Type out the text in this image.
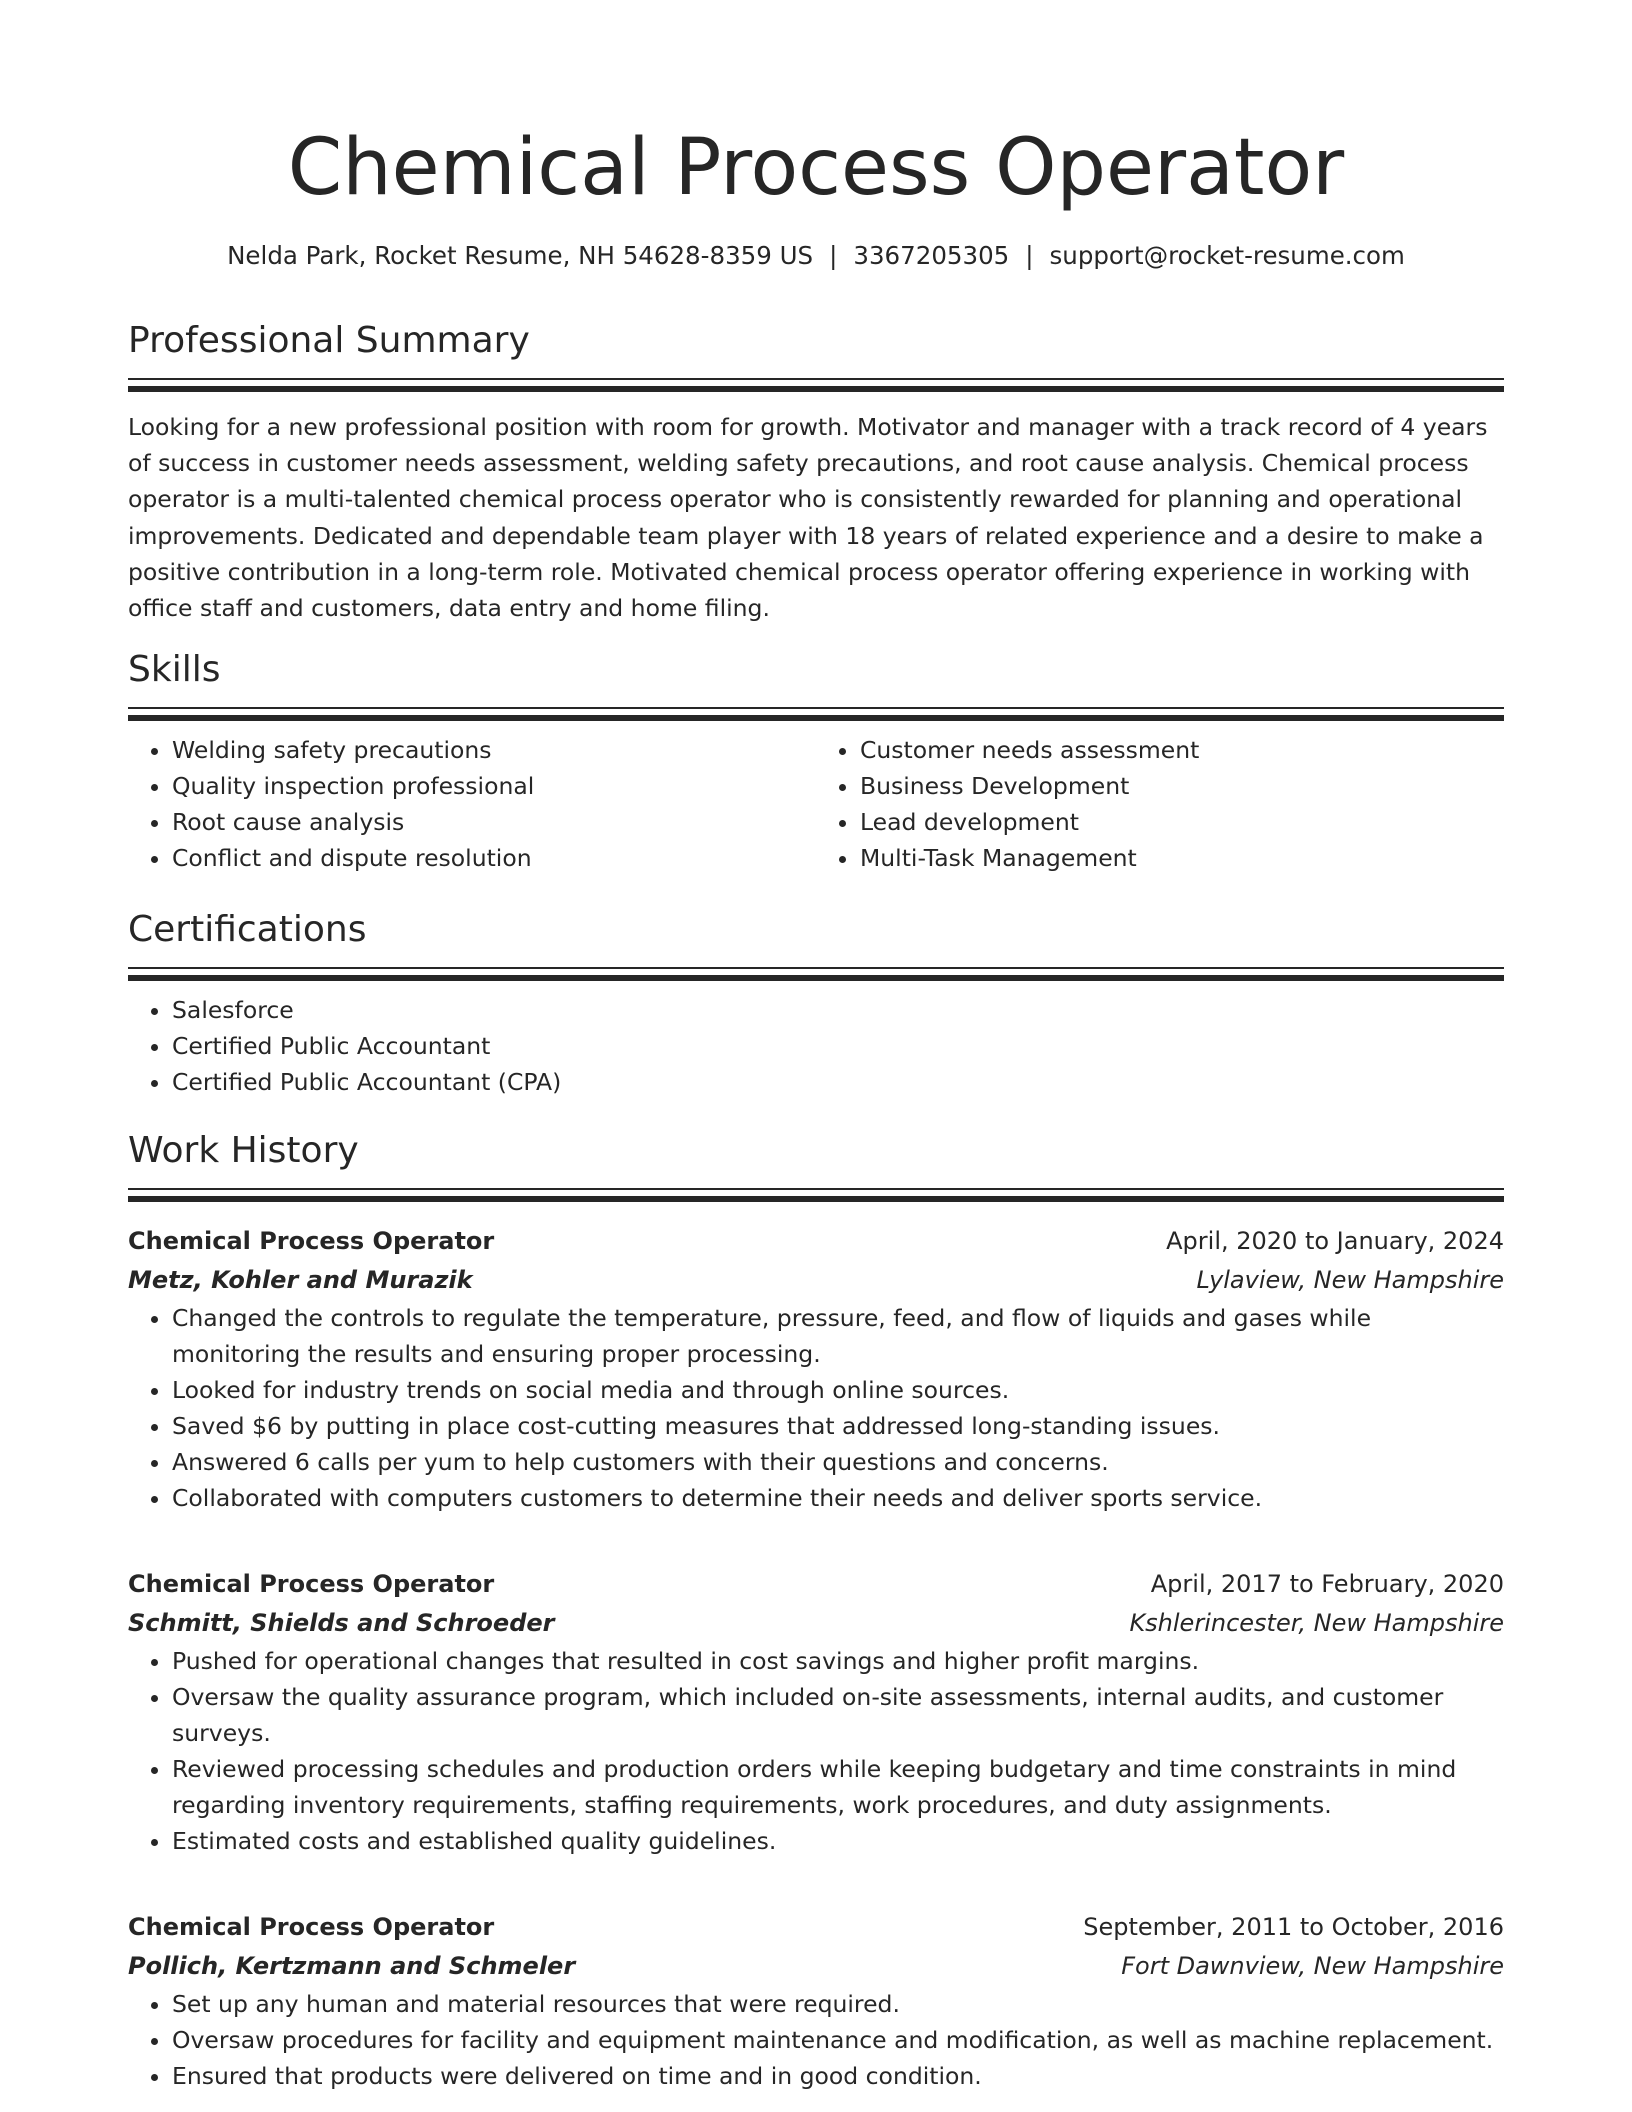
Chemical Process Operator
Nelda Park, Rocket Resume, NH 54628-8359 US | 3367205305 | support@rocket-resume.com
Professional Summary

Looking for a new professional position with room for growth. Motivator and manager with a track record of 4 years of success in customer needs assessment, welding safety precautions, and root cause analysis. Chemical process operator is a multi-talented chemical process operator who is consistently rewarded for planning and operational improvements. Dedicated and dependable team player with 18 years of related experience and a desire to make a positive contribution in a long-term role. Motivated chemical process operator offering experience in working with office staff and customers, data entry and home filing.

Skills
• Welding safety precautions
• Quality inspection professional
• Root cause analysis
• Conflict and dispute resolution
• Customer needs assessment
• Business Development
• Lead development
• Multi-Task Management
Certifications
• Salesforce
• Certified Public Accountant
• Certified Public Accountant (CPA)
Work History
Chemical Process Operator	April, 2020 to January, 2024
Metz, Kohler and Murazik	Lylaview, New Hampshire
• Changed the controls to regulate the temperature, pressure, feed, and flow of liquids and gases while monitoring the results and ensuring proper processing.
• Looked for industry trends on social media and through online sources.
• Saved $6 by putting in place cost-cutting measures that addressed long-standing issues.
• Answered 6 calls per yum to help customers with their questions and concerns.
• Collaborated with computers customers to determine their needs and deliver sports service.
Chemical Process Operator	April, 2017 to February, 2020
Schmitt, Shields and Schroeder	Kshlerincester, New Hampshire
• Pushed for operational changes that resulted in cost savings and higher profit margins.
• Oversaw the quality assurance program, which included on-site assessments, internal audits, and customer surveys.
• Reviewed processing schedules and production orders while keeping budgetary and time constraints in mind regarding inventory requirements, staffing requirements, work procedures, and duty assignments.
• Estimated costs and established quality guidelines.
Chemical Process Operator	September, 2011 to October, 2016
Pollich, Kertzmann and Schmeler	Fort Dawnview, New Hampshire
• Set up any human and material resources that were required.
• Oversaw procedures for facility and equipment maintenance and modification, as well as machine replacement.
• Ensured that products were delivered on time and in good condition.
